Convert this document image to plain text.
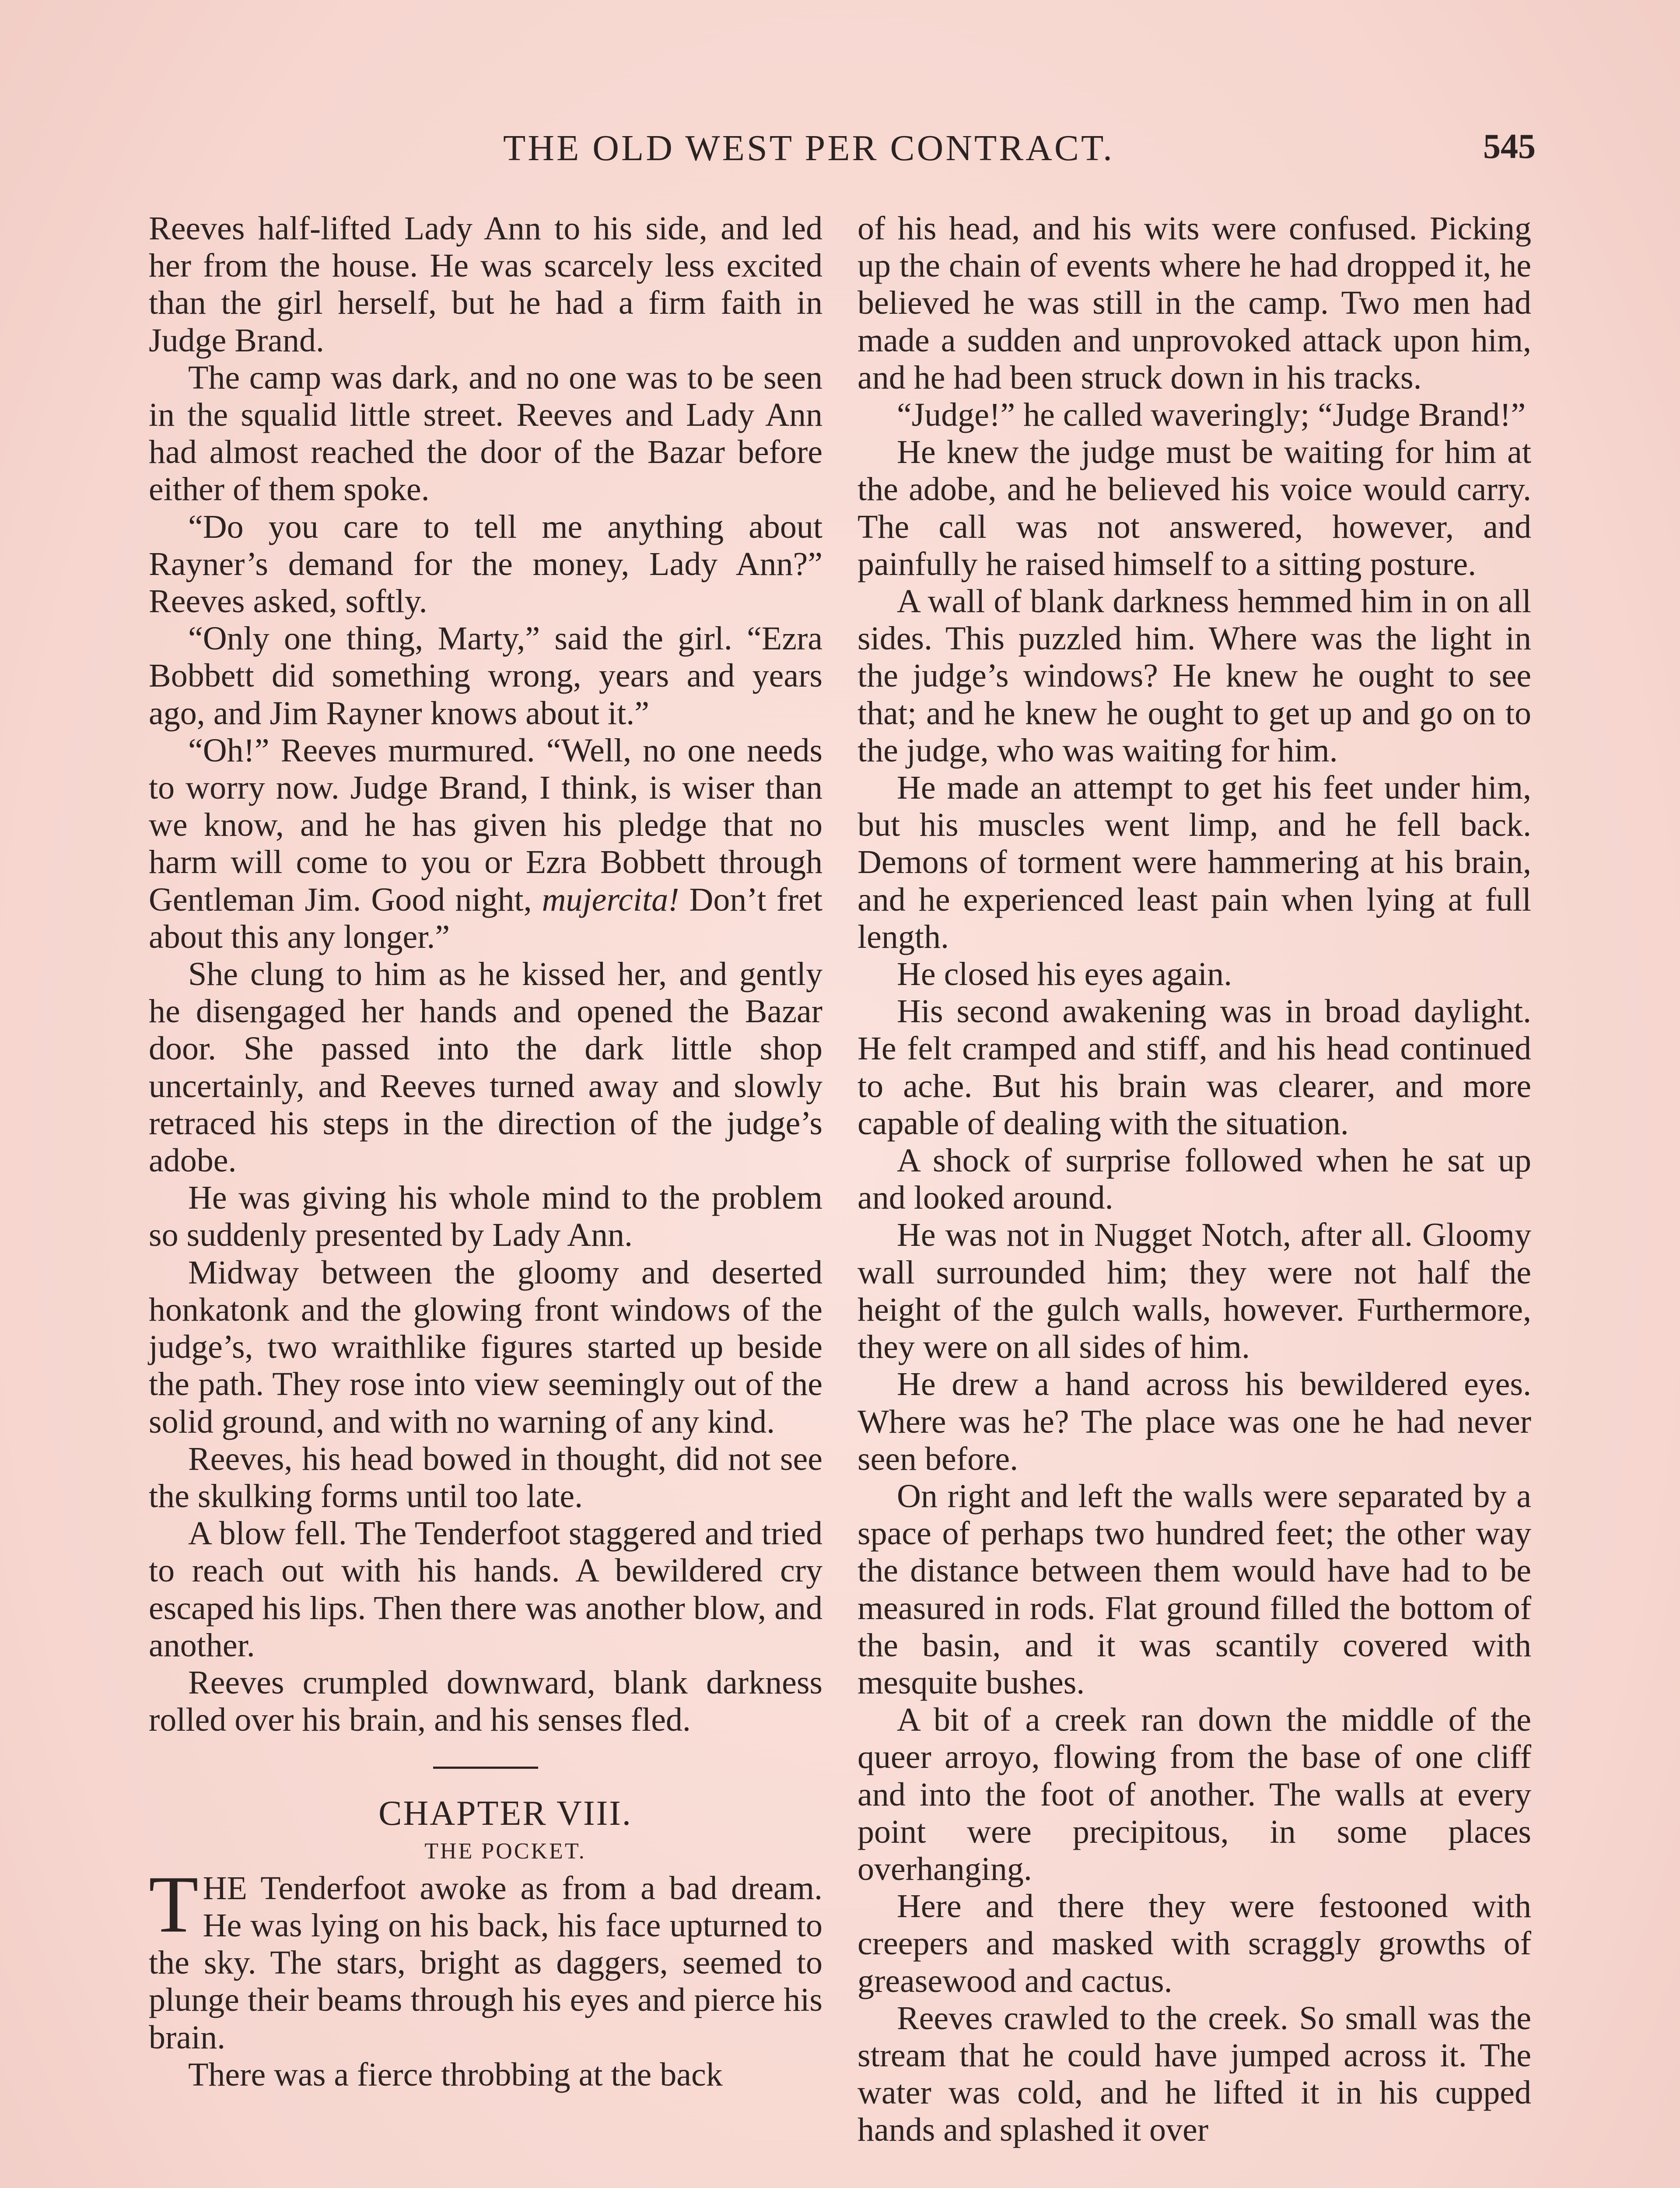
THE OLD WEST PER CONTRACT.	545

Reeves half-lifted Lady Ann to his side, and led her from the house. He was scarcely less excited than the girl herself, but he had a firm faith in Judge Brand.

The camp was dark, and no one was to be seen in the squalid little street. Reeves and Lady Ann had almost reached the door of the Bazar before either of them spoke.

“Do you care to tell me anything about Rayner’s demand for the money, Lady Ann?” Reeves asked, softly.

“Only one thing, Marty,” said the girl. “Ezra Bobbett did something wrong, years and years ago, and Jim Rayner knows about it.”

“Oh!” Reeves murmured. “Well, no one needs to worry now. Judge Brand, I think, is wiser than we know, and he has given his pledge that no harm will come to you or Ezra Bobbett through Gentleman Jim. Good night, mujercita! Don’t fret about this any longer.”

She clung to him as he kissed her, and gently he disengaged her hands and opened the Bazar door. She passed into the dark little shop uncertainly, and Reeves turned away and slowly retraced his steps in the direction of the judge’s adobe.

He was giving his whole mind to the problem so suddenly presented by Lady Ann.

Midway between the gloomy and deserted honkatonk and the glowing front windows of the judge’s, two wraithlike figures started up beside the path. They rose into view seemingly out of the solid ground, and with no warning of any kind.

Reeves, his head bowed in thought, did not see the skulking forms until too late.

A blow fell. The Tenderfoot staggered and tried to reach out with his hands. A bewildered cry escaped his lips. Then there was another blow, and another.

Reeves crumpled downward, blank darkness rolled over his brain, and his senses fled.

CHAPTER VIII.

THE POCKET.

THE Tenderfoot awoke as from a bad dream. He was lying on his back, his face upturned to the sky. The stars, bright as daggers, seemed to plunge their beams through his eyes and pierce his brain.

There was a fierce throbbing at the back

of his head, and his wits were confused. Picking up the chain of events where he had dropped it, he believed he was still in the camp. Two men had made a sudden and unprovoked attack upon him, and he had been struck down in his tracks.

“Judge!” he called waveringly; “Judge Brand!”

He knew the judge must be waiting for him at the adobe, and he believed his voice would carry. The call was not answered, however, and painfully he raised himself to a sitting posture.

A wall of blank darkness hemmed him in on all sides. This puzzled him. Where was the light in the judge’s windows? He knew he ought to see that; and he knew he ought to get up and go on to the judge, who was waiting for him.

He made an attempt to get his feet under him, but his muscles went limp, and he fell back. Demons of torment were hammering at his brain, and he experienced least pain when lying at full length.

He closed his eyes again.

His second awakening was in broad daylight. He felt cramped and stiff, and his head continued to ache. But his brain was clearer, and more capable of dealing with the situation.

A shock of surprise followed when he sat up and looked around.

He was not in Nugget Notch, after all. Gloomy wall surrounded him; they were not half the height of the gulch walls, however. Furthermore, they were on all sides of him.

He drew a hand across his bewildered eyes. Where was he? The place was one he had never seen before.

On right and left the walls were separated by a space of perhaps two hundred feet; the other way the distance between them would have had to be measured in rods. Flat ground filled the bottom of the basin, and it was scantily covered with mesquite bushes.

A bit of a creek ran down the middle of the queer arroyo, flowing from the base of one cliff and into the foot of another. The walls at every point were precipitous, in some places overhanging.

Here and there they were festooned with creepers and masked with scraggly growths of greasewood and cactus.

Reeves crawled to the creek. So small was the stream that he could have jumped across it. The water was cold, and he lifted it in his cupped hands and splashed it over
